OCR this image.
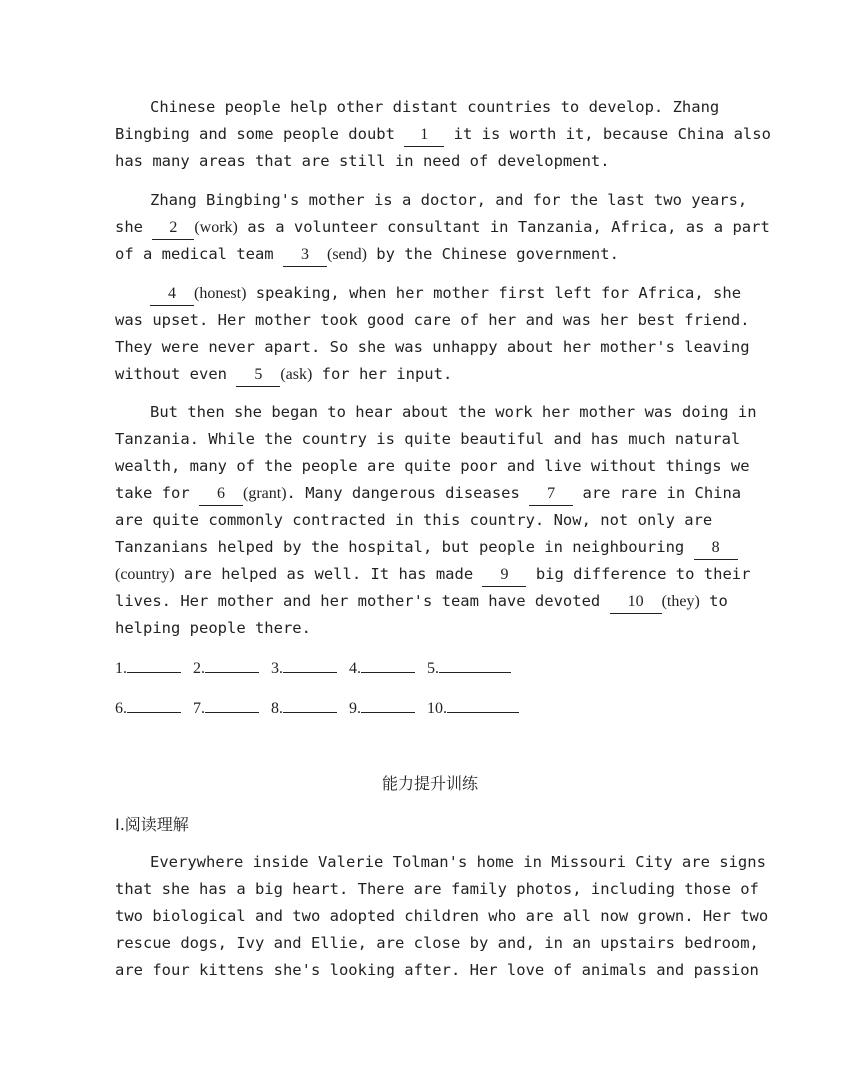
Chinese people help other distant countries to develop. Zhang
Bingbing and some people doubt 1 it is worth it, because China also
has many areas that are still in need of development.
Zhang Bingbing's mother is a doctor, and for the last two years,
she 2 (work) as a volunteer consultant in Tanzania, Africa, as a part
of a medical team 3 (send) by the Chinese government.
4 (honest) speaking, when her mother first left for Africa, she
was upset. Her mother took good care of her and was her best friend.
They were never apart. So she was unhappy about her mother's leaving
without even 5 (ask) for her input.
But then she began to hear about the work her mother was doing in
Tanzania. While the country is quite beautiful and has much natural
wealth, many of the people are quite poor and live without things we
take for 6 (grant). Many dangerous diseases 7 are rare in China
are quite commonly contracted in this country. Now, not only are
Tanzanians helped by the hospital, but people in neighbouring 8
(country) are helped as well. It has made 9 big difference to their
lives. Her mother and her mother's team have devoted 10 (they) to
helping people there.
1.	2.	3.	4.	5.
6.	7.	8.	9.	10.
能力提升训练
Ⅰ.阅读理解
Everywhere inside Valerie Tolman's home in Missouri City are signs
that she has a big heart. There are family photos, including those of
two biological and two adopted children who are all now grown. Her two
rescue dogs, Ivy and Ellie, are close by and, in an upstairs bedroom,
are four kittens she's looking after. Her love of animals and passion
